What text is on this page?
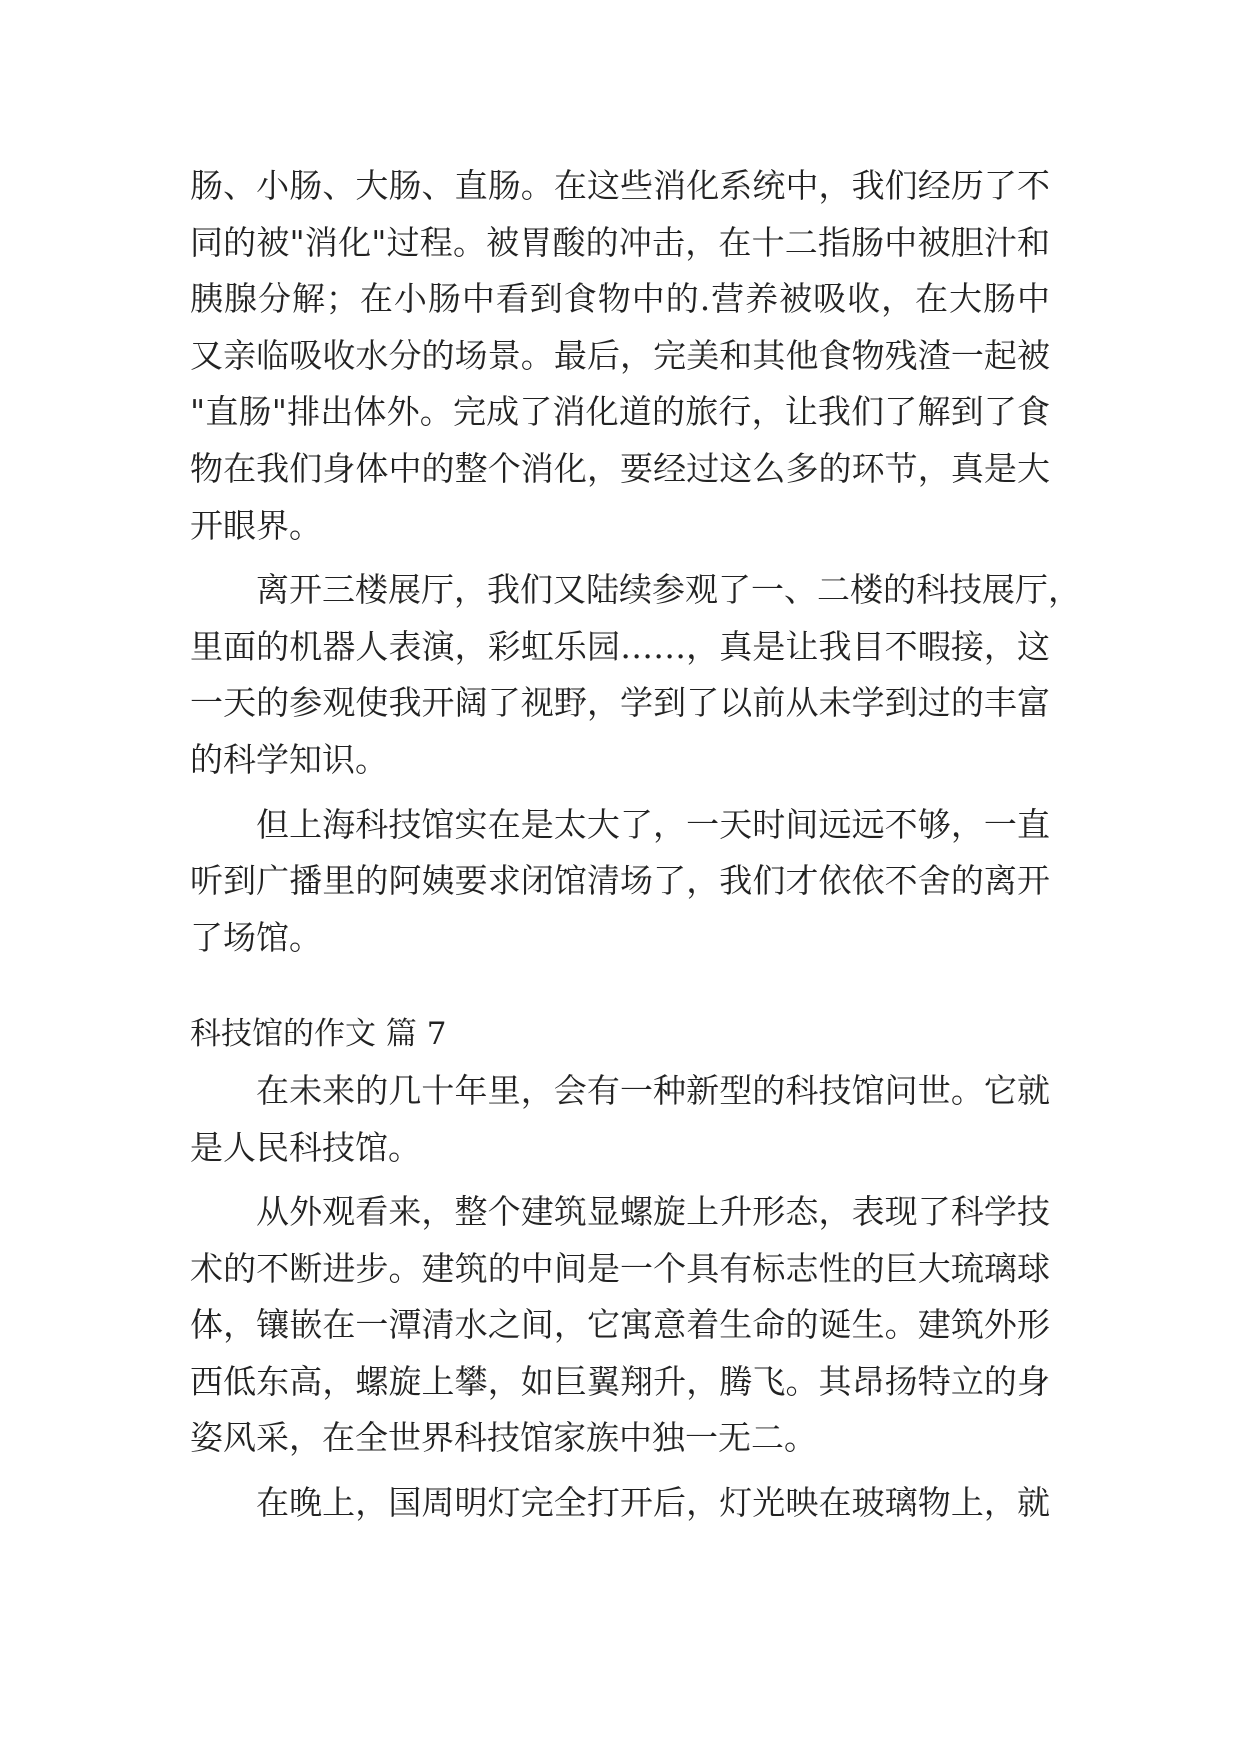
肠、小肠、大肠、直肠。在这些消化系统中，我们经历了不
同的被"消化"过程。被胃酸的冲击，在十二指肠中被胆汁和
胰腺分解；在小肠中看到食物中的.营养被吸收，在大肠中
又亲临吸收水分的场景。最后，完美和其他食物残渣一起被
"直肠"排出体外。完成了消化道的旅行，让我们了解到了食
物在我们身体中的整个消化，要经过这么多的环节，真是大
开眼界。
离开三楼展厅，我们又陆续参观了一、二楼的科技展厅，
里面的机器人表演，彩虹乐园……，真是让我目不暇接，这
一天的参观使我开阔了视野，学到了以前从未学到过的丰富
的科学知识。
但上海科技馆实在是太大了，一天时间远远不够，一直
听到广播里的阿姨要求闭馆清场了，我们才依依不舍的离开
了场馆。
科技馆的作文 篇 7
在未来的几十年里，会有一种新型的科技馆问世。它就
是人民科技馆。
从外观看来，整个建筑显螺旋上升形态，表现了科学技
术的不断进步。建筑的中间是一个具有标志性的巨大琉璃球
体，镶嵌在一潭清水之间，它寓意着生命的诞生。建筑外形
西低东高，螺旋上攀，如巨翼翔升，腾飞。其昂扬特立的身
姿风采，在全世界科技馆家族中独一无二。
在晚上，国周明灯完全打开后，灯光映在玻璃物上，就
